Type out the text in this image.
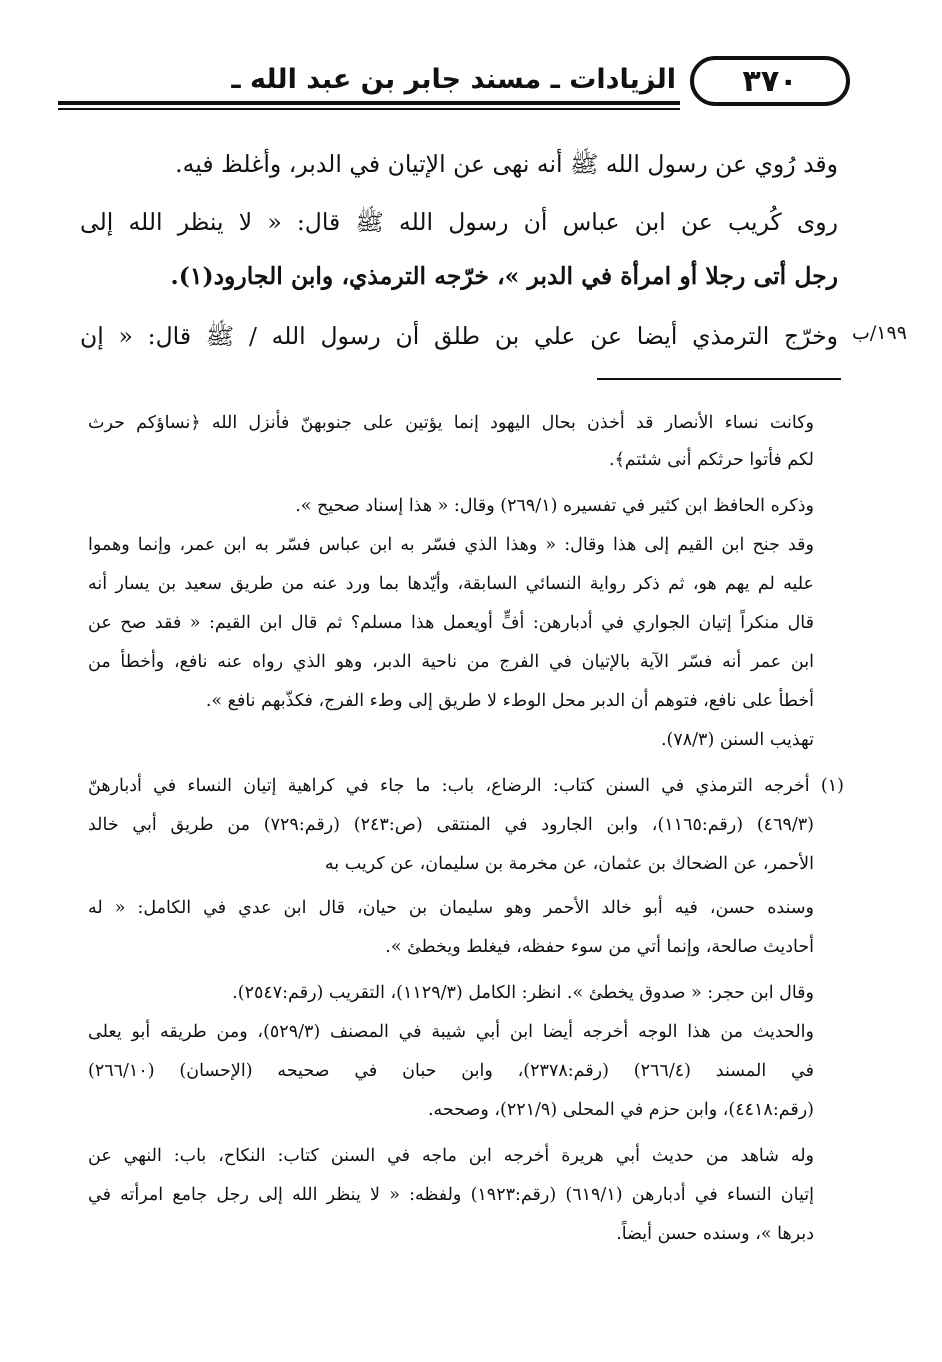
الزيادات ـ مسند جابر بن عبد الله ـ	٣٧٠
وقد رُوي عن رسول الله ﷺ أنه نهى عن الإتيان في الدبر، وأغلظ فيه.
روى كُريب عن ابن عباس أن رسول الله ﷺ قال: « لا ينظر الله إلى
رجل أتى رجلا أو امرأة في الدبر »، خرّجه الترمذي، وابن الجارود(١).
وخرّج الترمذي أيضا عن علي بن طلق أن رسول الله / ﷺ قال: « إن ١٩٩/ب
وكانت نساء الأنصار قد أخذن بحال اليهود إنما يؤتين على جنوبهنّ فأنزل الله ﴿نساؤكم حرث
لكم فأتوا حرثكم أنى شئتم﴾.
وذكره الحافظ ابن كثير في تفسيره (٢٦٩/١) وقال: « هذا إسناد صحيح ».
وقد جنح ابن القيم إلى هذا وقال: « وهذا الذي فسّر به ابن عباس فسّر به ابن عمر، وإنما وهموا
عليه لم يهم هو، ثم ذكر رواية النسائي السابقة، وأيّدها بما ورد عنه من طريق سعيد بن يسار أنه
قال منكراً إتيان الجواري في أدبارهن: أفٍّ أويعمل هذا مسلم؟ ثم قال ابن القيم: « فقد صح عن
ابن عمر أنه فسّر الآية بالإتيان في الفرج من ناحية الدبر، وهو الذي رواه عنه نافع، وأخطأ من
أخطأ على نافع، فتوهم أن الدبر محل الوطء لا طريق إلى وطء الفرج، فكذّبهم نافع ».
تهذيب السنن (٧٨/٣).
(١) أخرجه الترمذي في السنن كتاب: الرضاع، باب: ما جاء في كراهية إتيان النساء في أدبارهنّ
(٤٦٩/٣) (رقم:١١٦٥)، وابن الجارود في المنتقى (ص:٢٤٣) (رقم:٧٢٩) من طريق أبي خالد
الأحمر، عن الضحاك بن عثمان، عن مخرمة بن سليمان، عن كريب به
وسنده حسن، فيه أبو خالد الأحمر وهو سليمان بن حيان، قال ابن عدي في الكامل: « له
أحاديث صالحة، وإنما أتي من سوء حفظه، فيغلط ويخطئ ».
وقال ابن حجر: « صدوق يخطئ ». انظر: الكامل (١١٢٩/٣)، التقريب (رقم:٢٥٤٧).
والحديث من هذا الوجه أخرجه أيضا ابن أبي شيبة في المصنف (٥٢٩/٣)، ومن طريقه أبو يعلى
في المسند (٢٦٦/٤) (رقم:٢٣٧٨)، وابن حبان في صحيحه (الإحسان) (٢٦٦/١٠)
(رقم:٤٤١٨)، وابن حزم في المحلى (٢٢١/٩)، وصححه.
وله شاهد من حديث أبي هريرة أخرجه ابن ماجه في السنن كتاب: النكاح، باب: النهي عن
إتيان النساء في أدبارهن (٦١٩/١) (رقم:١٩٢٣) ولفظه: « لا ينظر الله إلى رجل جامع امرأته في
دبرها »، وسنده حسن أيضاً.
